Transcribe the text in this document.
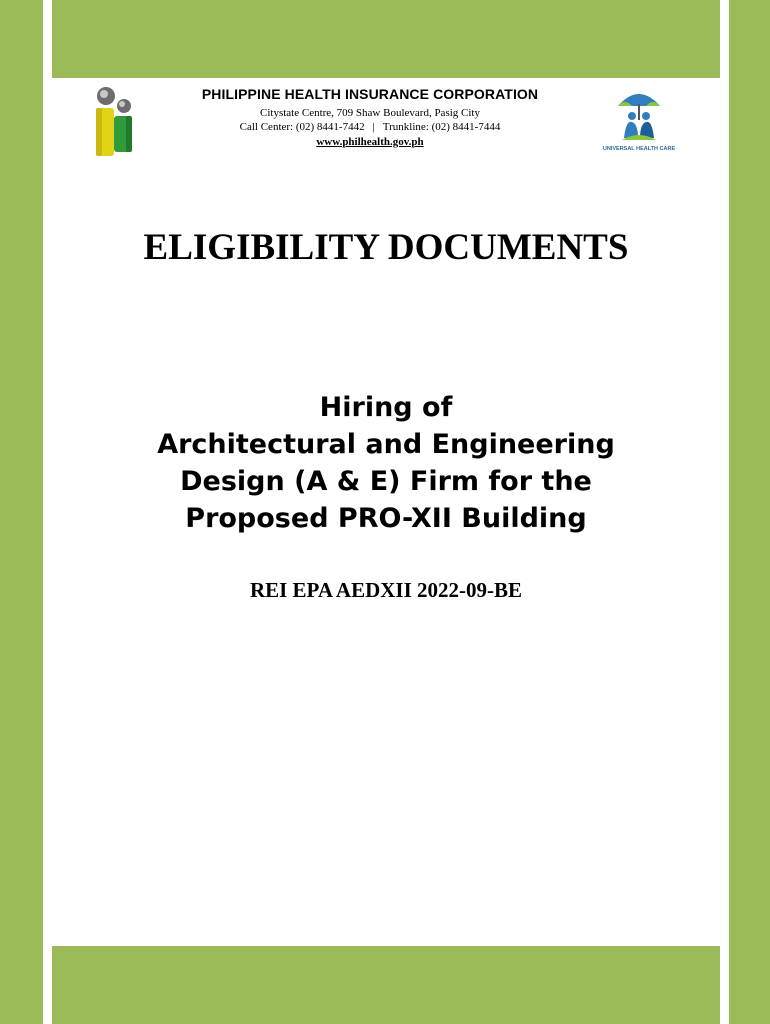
UNIVERSAL HEALTH CARE
PHILIPPINE HEALTH INSURANCE CORPORATION
Citystate Centre, 709 Shaw Boulevard, Pasig City
Call Center: (02) 8441-7442 | Trunkline: (02) 8441-7444
www.philhealth.gov.ph
ELIGIBILITY DOCUMENTS
Hiring of
Architectural and Engineering
Design (A & E) Firm for the
Proposed PRO-XII Building
REI EPA AEDXII 2022-09-BE
